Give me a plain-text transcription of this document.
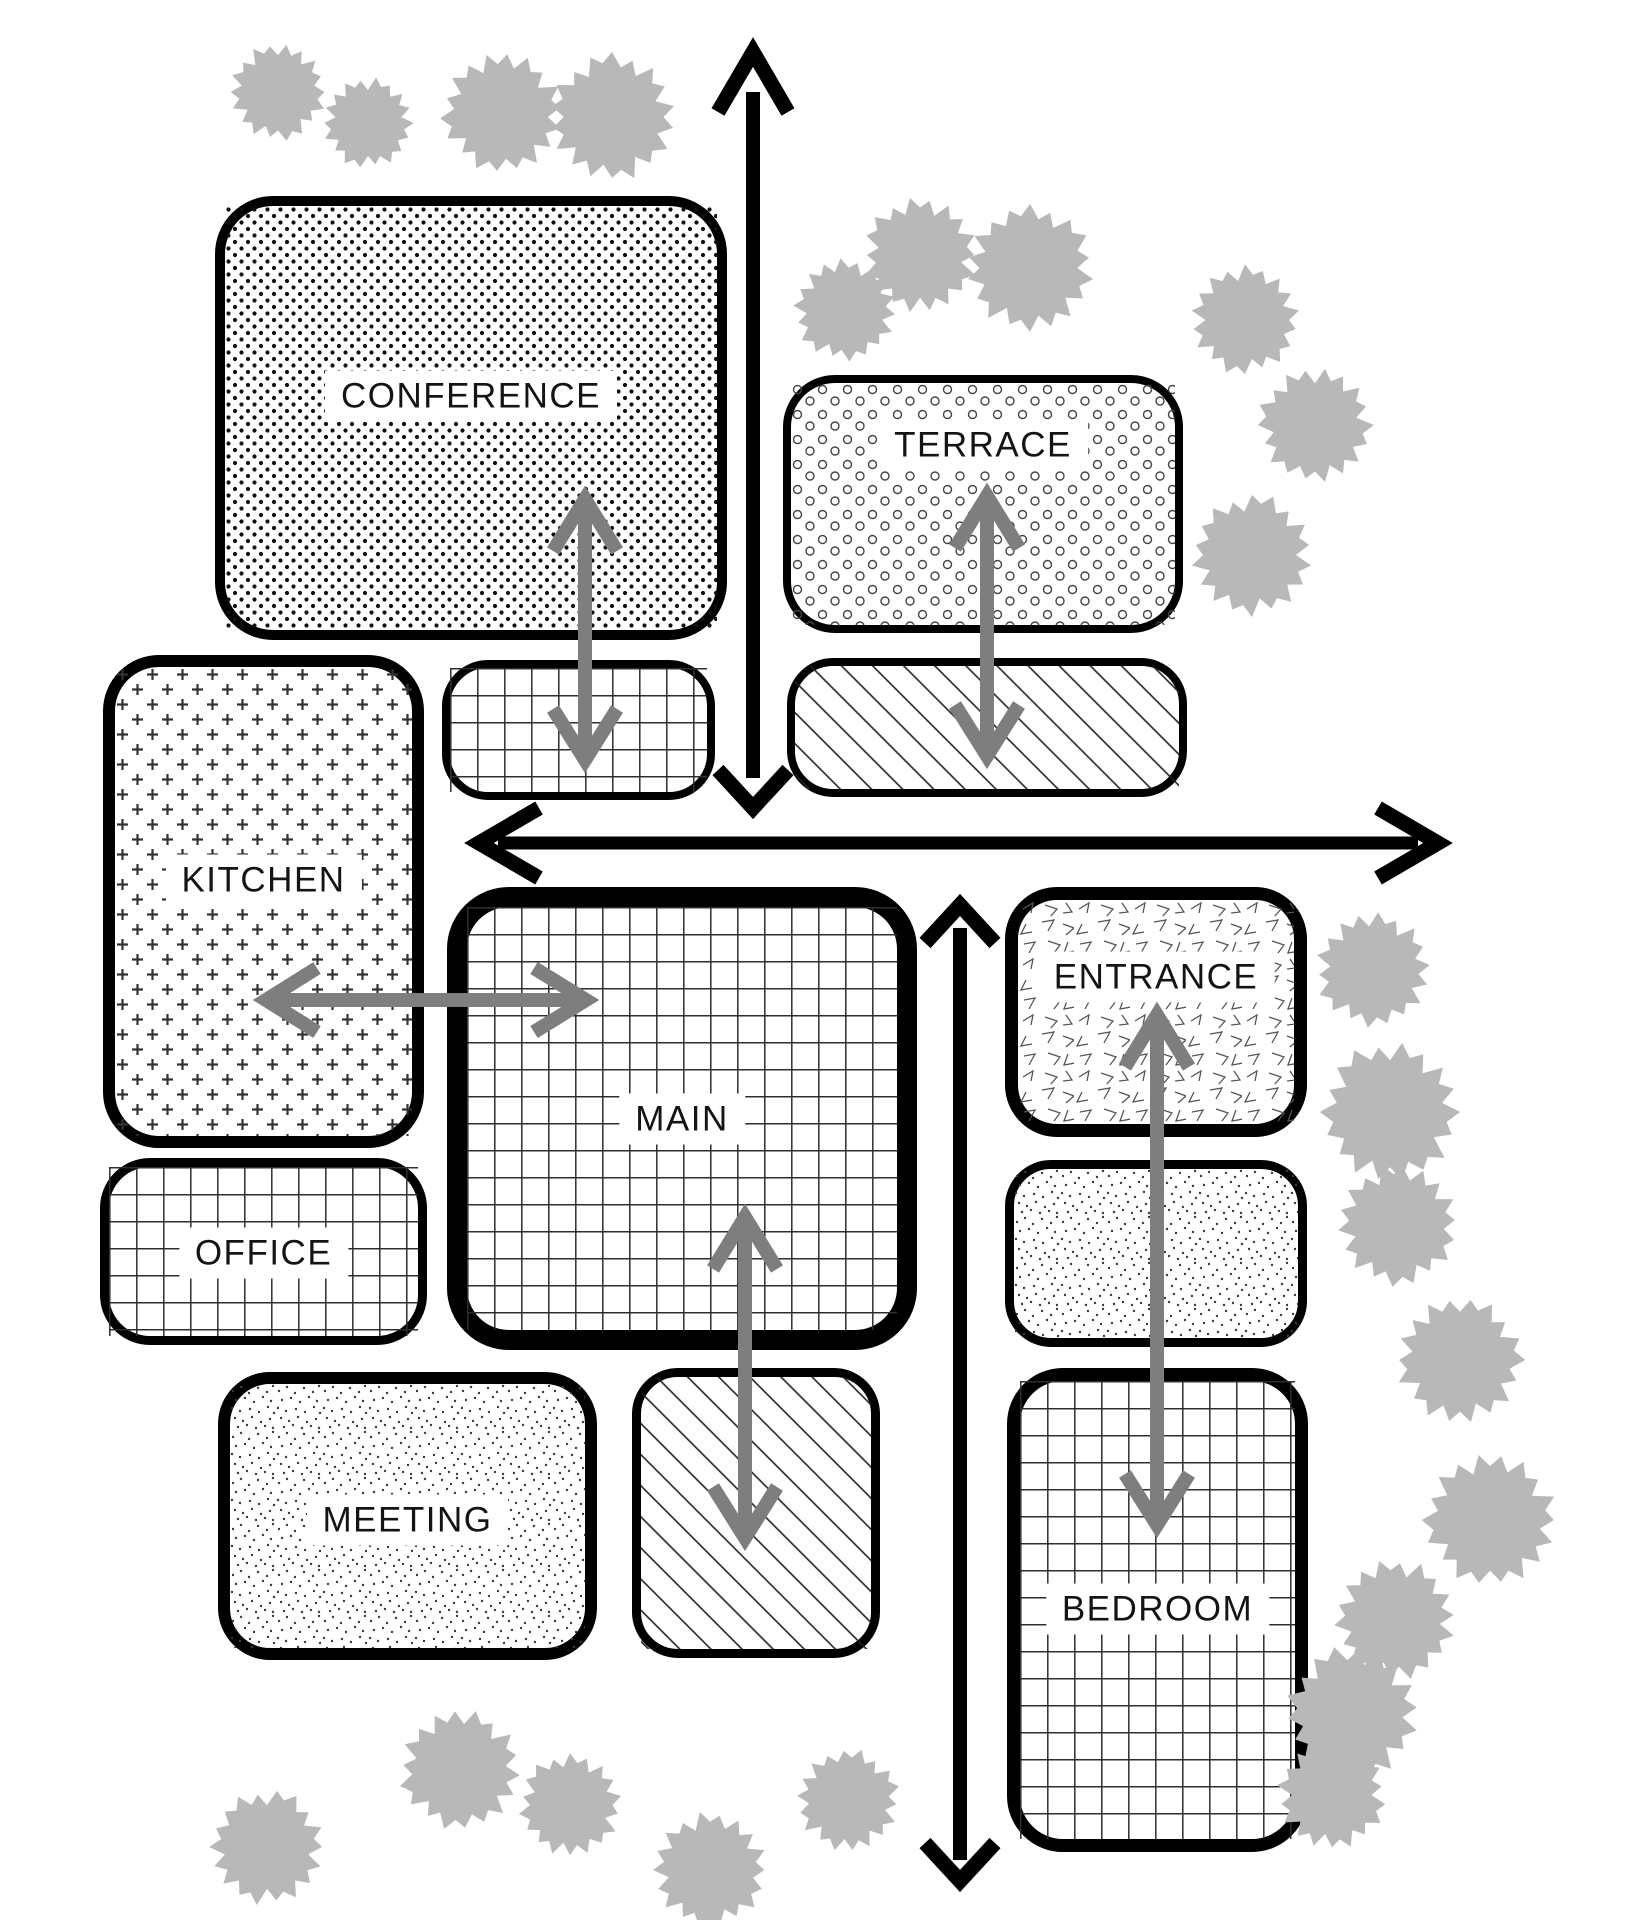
CONFERENCE
TERRACE
KITCHEN
MAIN
ENTRANCE
OFFICE
MEETING
BEDROOM
